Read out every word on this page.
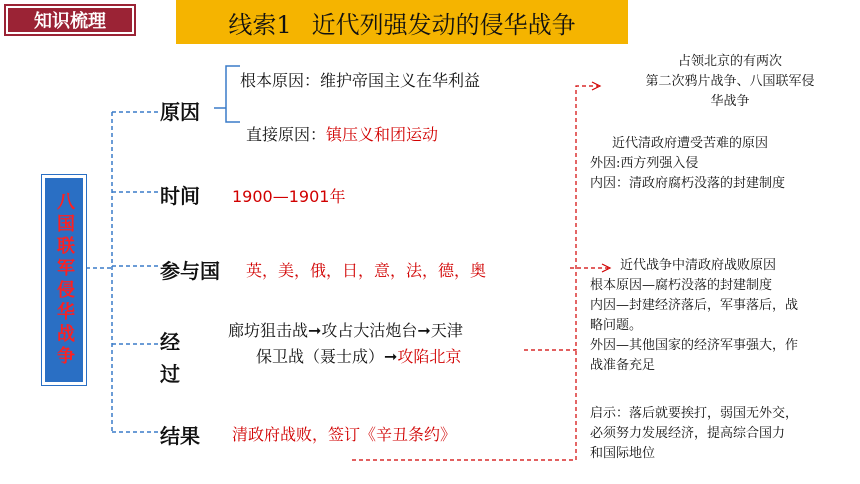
知识梳理	线索1 近代列强发动的侵华战争
八国联军侵华战争
原因
根本原因：维护帝国主义在华利益
直接原因：镇压义和团运动
时间 1900—1901年
参与国 英，美，俄，日，意，法，德，奥
经
过
廊坊狙击战➞攻占大沽炮台➞天津
保卫战（聂士成）➞攻陷北京
结果 清政府战败，签订《辛丑条约》
占领北京的有两次
第二次鸦片战争、八国联军侵
华战争
近代清政府遭受苦难的原因
外因:西方列强入侵
内因：清政府腐朽没落的封建制度
近代战争中清政府战败原因
根本原因—腐朽没落的封建制度
内因—封建经济落后，军事落后，战
略问题。
外因—其他国家的经济军事强大，作
战准备充足
启示：落后就要挨打，弱国无外交，
必须努力发展经济，提高综合国力
和国际地位
